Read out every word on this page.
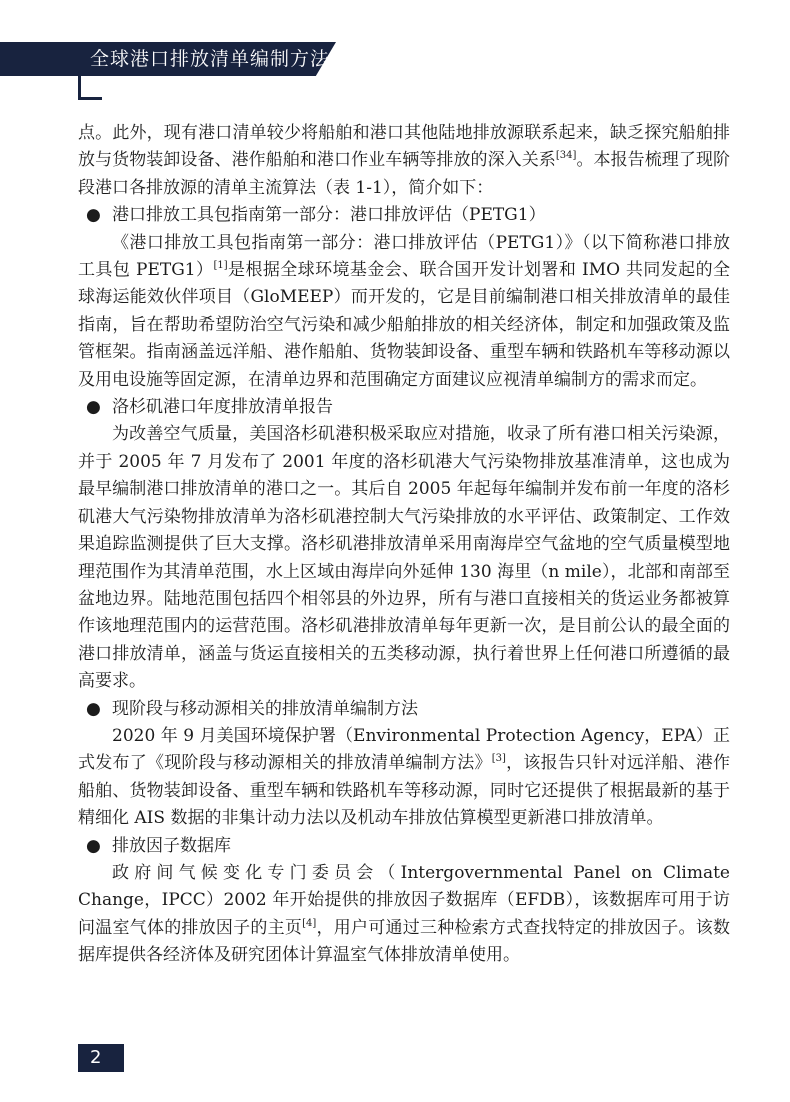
全球港口排放清单编制方法

点。此外，现有港口清单较少将船舶和港口其他陆地排放源联系起来，缺乏探究船舶排放与货物装卸设备、港作船舶和港口作业车辆等排放的深入关系[34]。本报告梳理了现阶段港口各排放源的清单主流算法（表 1-1），简介如下：

● 港口排放工具包指南第一部分：港口排放评估（PETG1）

《港口排放工具包指南第一部分：港口排放评估（PETG1）》（以下简称港口排放工具包 PETG1）[1]是根据全球环境基金会、联合国开发计划署和 IMO 共同发起的全球海运能效伙伴项目（GloMEEP）而开发的，它是目前编制港口相关排放清单的最佳指南，旨在帮助希望防治空气污染和减少船舶排放的相关经济体，制定和加强政策及监管框架。指南涵盖远洋船、港作船舶、货物装卸设备、重型车辆和铁路机车等移动源以及用电设施等固定源，在清单边界和范围确定方面建议应视清单编制方的需求而定。

● 洛杉矶港口年度排放清单报告

为改善空气质量，美国洛杉矶港积极采取应对措施，收录了所有港口相关污染源，并于 2005 年 7 月发布了 2001 年度的洛杉矶港大气污染物排放基准清单，这也成为最早编制港口排放清单的港口之一。其后自 2005 年起每年编制并发布前一年度的洛杉矶港大气污染物排放清单为洛杉矶港控制大气污染排放的水平评估、政策制定、工作效果追踪监测提供了巨大支撑。洛杉矶港排放清单采用南海岸空气盆地的空气质量模型地理范围作为其清单范围，水上区域由海岸向外延伸 130 海里（n mile），北部和南部至盆地边界。陆地范围包括四个相邻县的外边界，所有与港口直接相关的货运业务都被算作该地理范围内的运营范围。洛杉矶港排放清单每年更新一次，是目前公认的最全面的港口排放清单，涵盖与货运直接相关的五类移动源，执行着世界上任何港口所遵循的最高要求。

● 现阶段与移动源相关的排放清单编制方法

2020 年 9 月美国环境保护署（Environmental Protection Agency，EPA）正式发布了《现阶段与移动源相关的排放清单编制方法》[3]，该报告只针对远洋船、港作船舶、货物装卸设备、重型车辆和铁路机车等移动源，同时它还提供了根据最新的基于精细化 AIS 数据的非集计动力法以及机动车排放估算模型更新港口排放清单。

● 排放因子数据库

政府间气候变化专门委员会（Intergovernmental Panel on Climate Change，IPCC）2002 年开始提供的排放因子数据库（EFDB），该数据库可用于访问温室气体的排放因子的主页[4]，用户可通过三种检索方式查找特定的排放因子。该数据库提供各经济体及研究团体计算温室气体排放清单使用。

2
